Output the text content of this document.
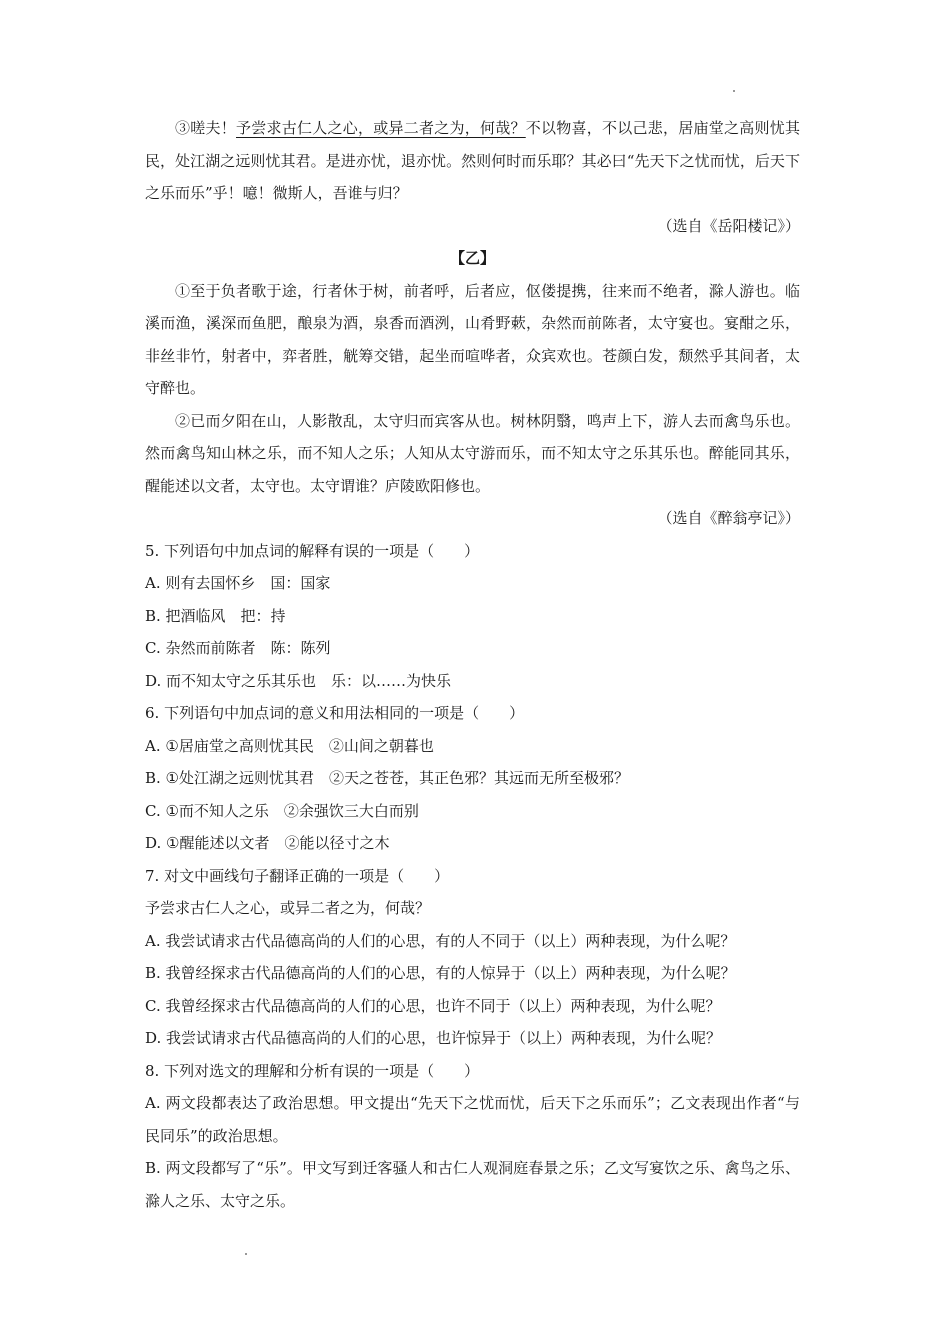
③嗟夫！予尝求古仁人之心，或异二者之为，何哉？不以物喜，不以己悲，居庙堂之高则忧其民，处江湖之远则忧其君。是进亦忧，退亦忧。然则何时而乐耶？其必曰“先天下之忧而忧，后天下之乐而乐”乎！噫！微斯人，吾谁与归？

（选自《岳阳楼记》）

【乙】

①至于负者歌于途，行者休于树，前者呼，后者应，伛偻提携，往来而不绝者，滁人游也。临溪而渔，溪深而鱼肥，酿泉为酒，泉香而酒洌，山肴野蔌，杂然而前陈者，太守宴也。宴酣之乐，非丝非竹，射者中，弈者胜，觥筹交错，起坐而喧哗者，众宾欢也。苍颜白发，颓然乎其间者，太守醉也。

②已而夕阳在山，人影散乱，太守归而宾客从也。树林阴翳，鸣声上下，游人去而禽鸟乐也。然而禽鸟知山林之乐，而不知人之乐；人知从太守游而乐，而不知太守之乐其乐也。醉能同其乐，醒能述以文者，太守也。太守谓谁？庐陵欧阳修也。

（选自《醉翁亭记》）

5. 下列语句中加点词的解释有误的一项是（　　）

A. 则有去国怀乡　国：国家

B. 把酒临风　把：持

C. 杂然而前陈者　陈：陈列

D. 而不知太守之乐其乐也　乐：以……为快乐

6. 下列语句中加点词的意义和用法相同的一项是（　　）

A. ①居庙堂之高则忧其民　②山间之朝暮也

B. ①处江湖之远则忧其君　②天之苍苍，其正色邪？其远而无所至极邪？

C. ①而不知人之乐　②余强饮三大白而别

D. ①醒能述以文者　②能以径寸之木

7. 对文中画线句子翻译正确的一项是（　　）

予尝求古仁人之心，或异二者之为，何哉？

A. 我尝试请求古代品德高尚的人们的心思，有的人不同于（以上）两种表现，为什么呢？

B. 我曾经探求古代品德高尚的人们的心思，有的人惊异于（以上）两种表现，为什么呢？

C. 我曾经探求古代品德高尚的人们的心思，也许不同于（以上）两种表现，为什么呢？

D. 我尝试请求古代品德高尚的人们的心思，也许惊异于（以上）两种表现，为什么呢？

8. 下列对选文的理解和分析有误的一项是（　　）

A. 两文段都表达了政治思想。甲文提出“先天下之忧而忧，后天下之乐而乐”；乙文表现出作者“与民同乐”的政治思想。

B. 两文段都写了“乐”。甲文写到迁客骚人和古仁人观洞庭春景之乐；乙文写宴饮之乐、禽鸟之乐、滁人之乐、太守之乐。
